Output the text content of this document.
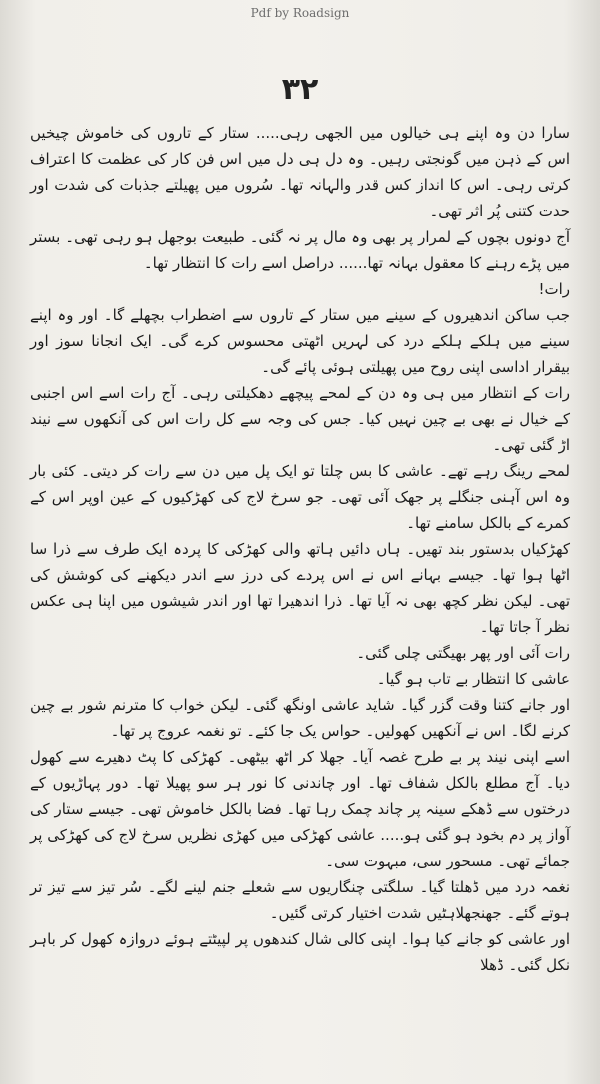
Pdf by Roadsign
۳۲

سارا دن وہ اپنے ہی خیالوں میں الجھی رہی..... ستار کے تاروں کی خاموش چیخیں اس کے ذہن میں گونجتی رہیں۔ وہ دل ہی دل میں اس فن کار کی عظمت کا اعتراف کرتی رہی۔ اس کا انداز کس قدر والہانہ تھا۔ سُروں میں پھیلتے جذبات کی شدت اور حدت کتنی پُر اثر تھی۔

آج دونوں بچوں کے لمرار پر بھی وہ مال پر نہ گئی۔ طبیعت بوجھل ہو رہی تھی۔ بستر میں پڑے رہنے کا معقول بہانہ تھا...... دراصل اسے رات کا انتظار تھا۔

رات!

جب ساکن اندھیروں کے سینے میں ستار کے تاروں سے اضطراب بچھلے گا۔ اور وہ اپنے سینے میں ہلکے ہلکے درد کی لہریں اٹھتی محسوس کرے گی۔ ایک انجانا سوز اور بیقرار اداسی اپنی روح میں پھیلتی ہوئی پائے گی۔

رات کے انتظار میں ہی وہ دن کے لمحے پیچھے دھکیلتی رہی۔ آج رات اسے اس اجنبی کے خیال نے بھی بے چین نہیں کیا۔ جس کی وجہ سے کل رات اس کی آنکھوں سے نیند اڑ گئی تھی۔

لمحے رینگ رہے تھے۔ عاشی کا بس چلتا تو ایک پل میں دن سے رات کر دیتی۔ کئی بار وہ اس آہنی جنگلے پر جھک آئی تھی۔ جو سرخ لاج کی کھڑکیوں کے عین اوپر اس کے کمرے کے بالکل سامنے تھا۔

کھڑکیاں بدستور بند تھیں۔ ہاں دائیں ہاتھ والی کھڑکی کا پردہ ایک طرف سے ذرا سا اٹھا ہوا تھا۔ جیسے بہانے اس نے اس پردے کی درز سے اندر دیکھنے کی کوشش کی تھی۔ لیکن نظر کچھ بھی نہ آیا تھا۔ ذرا اندھیرا تھا اور اندر شیشوں میں اپنا ہی عکس نظر آ جاتا تھا۔

رات آئی اور پھر بھیگتی چلی گئی۔

عاشی کا انتظار بے تاب ہو گیا۔

اور جانے کتنا وقت گزر گیا۔ شاید عاشی اونگھ گئی۔ لیکن خواب کا مترنم شور بے چین کرنے لگا۔ اس نے آنکھیں کھولیں۔ حواس یک جا کئے۔ تو نغمہ عروج پر تھا۔

اسے اپنی نیند پر بے طرح غصہ آیا۔ جھلا کر اٹھ بیٹھی۔ کھڑکی کا پٹ دھیرے سے کھول دیا۔ آج مطلع بالکل شفاف تھا۔ اور چاندنی کا نور ہر سو پھیلا تھا۔ دور پہاڑیوں کے درختوں سے ڈھکے سینہ پر چاند چمک رہا تھا۔ فضا بالکل خاموش تھی۔ جیسے ستار کی آواز پر دم بخود ہو گئی ہو..... عاشی کھڑکی میں کھڑی نظریں سرخ لاج کی کھڑکی پر جمائے تھی۔ مسحور سی، مبہوت سی۔

نغمہ درد میں ڈھلتا گیا۔ سلگتی چنگاریوں سے شعلے جنم لینے لگے۔ سُر تیز سے تیز تر ہوتے گئے۔ جھنجھلاہٹیں شدت اختیار کرتی گئیں۔

اور عاشی کو جانے کیا ہوا۔ اپنی کالی شال کندھوں پر لپیٹتے ہوئے دروازہ کھول کر باہر نکل گئی۔ ڈھلا
